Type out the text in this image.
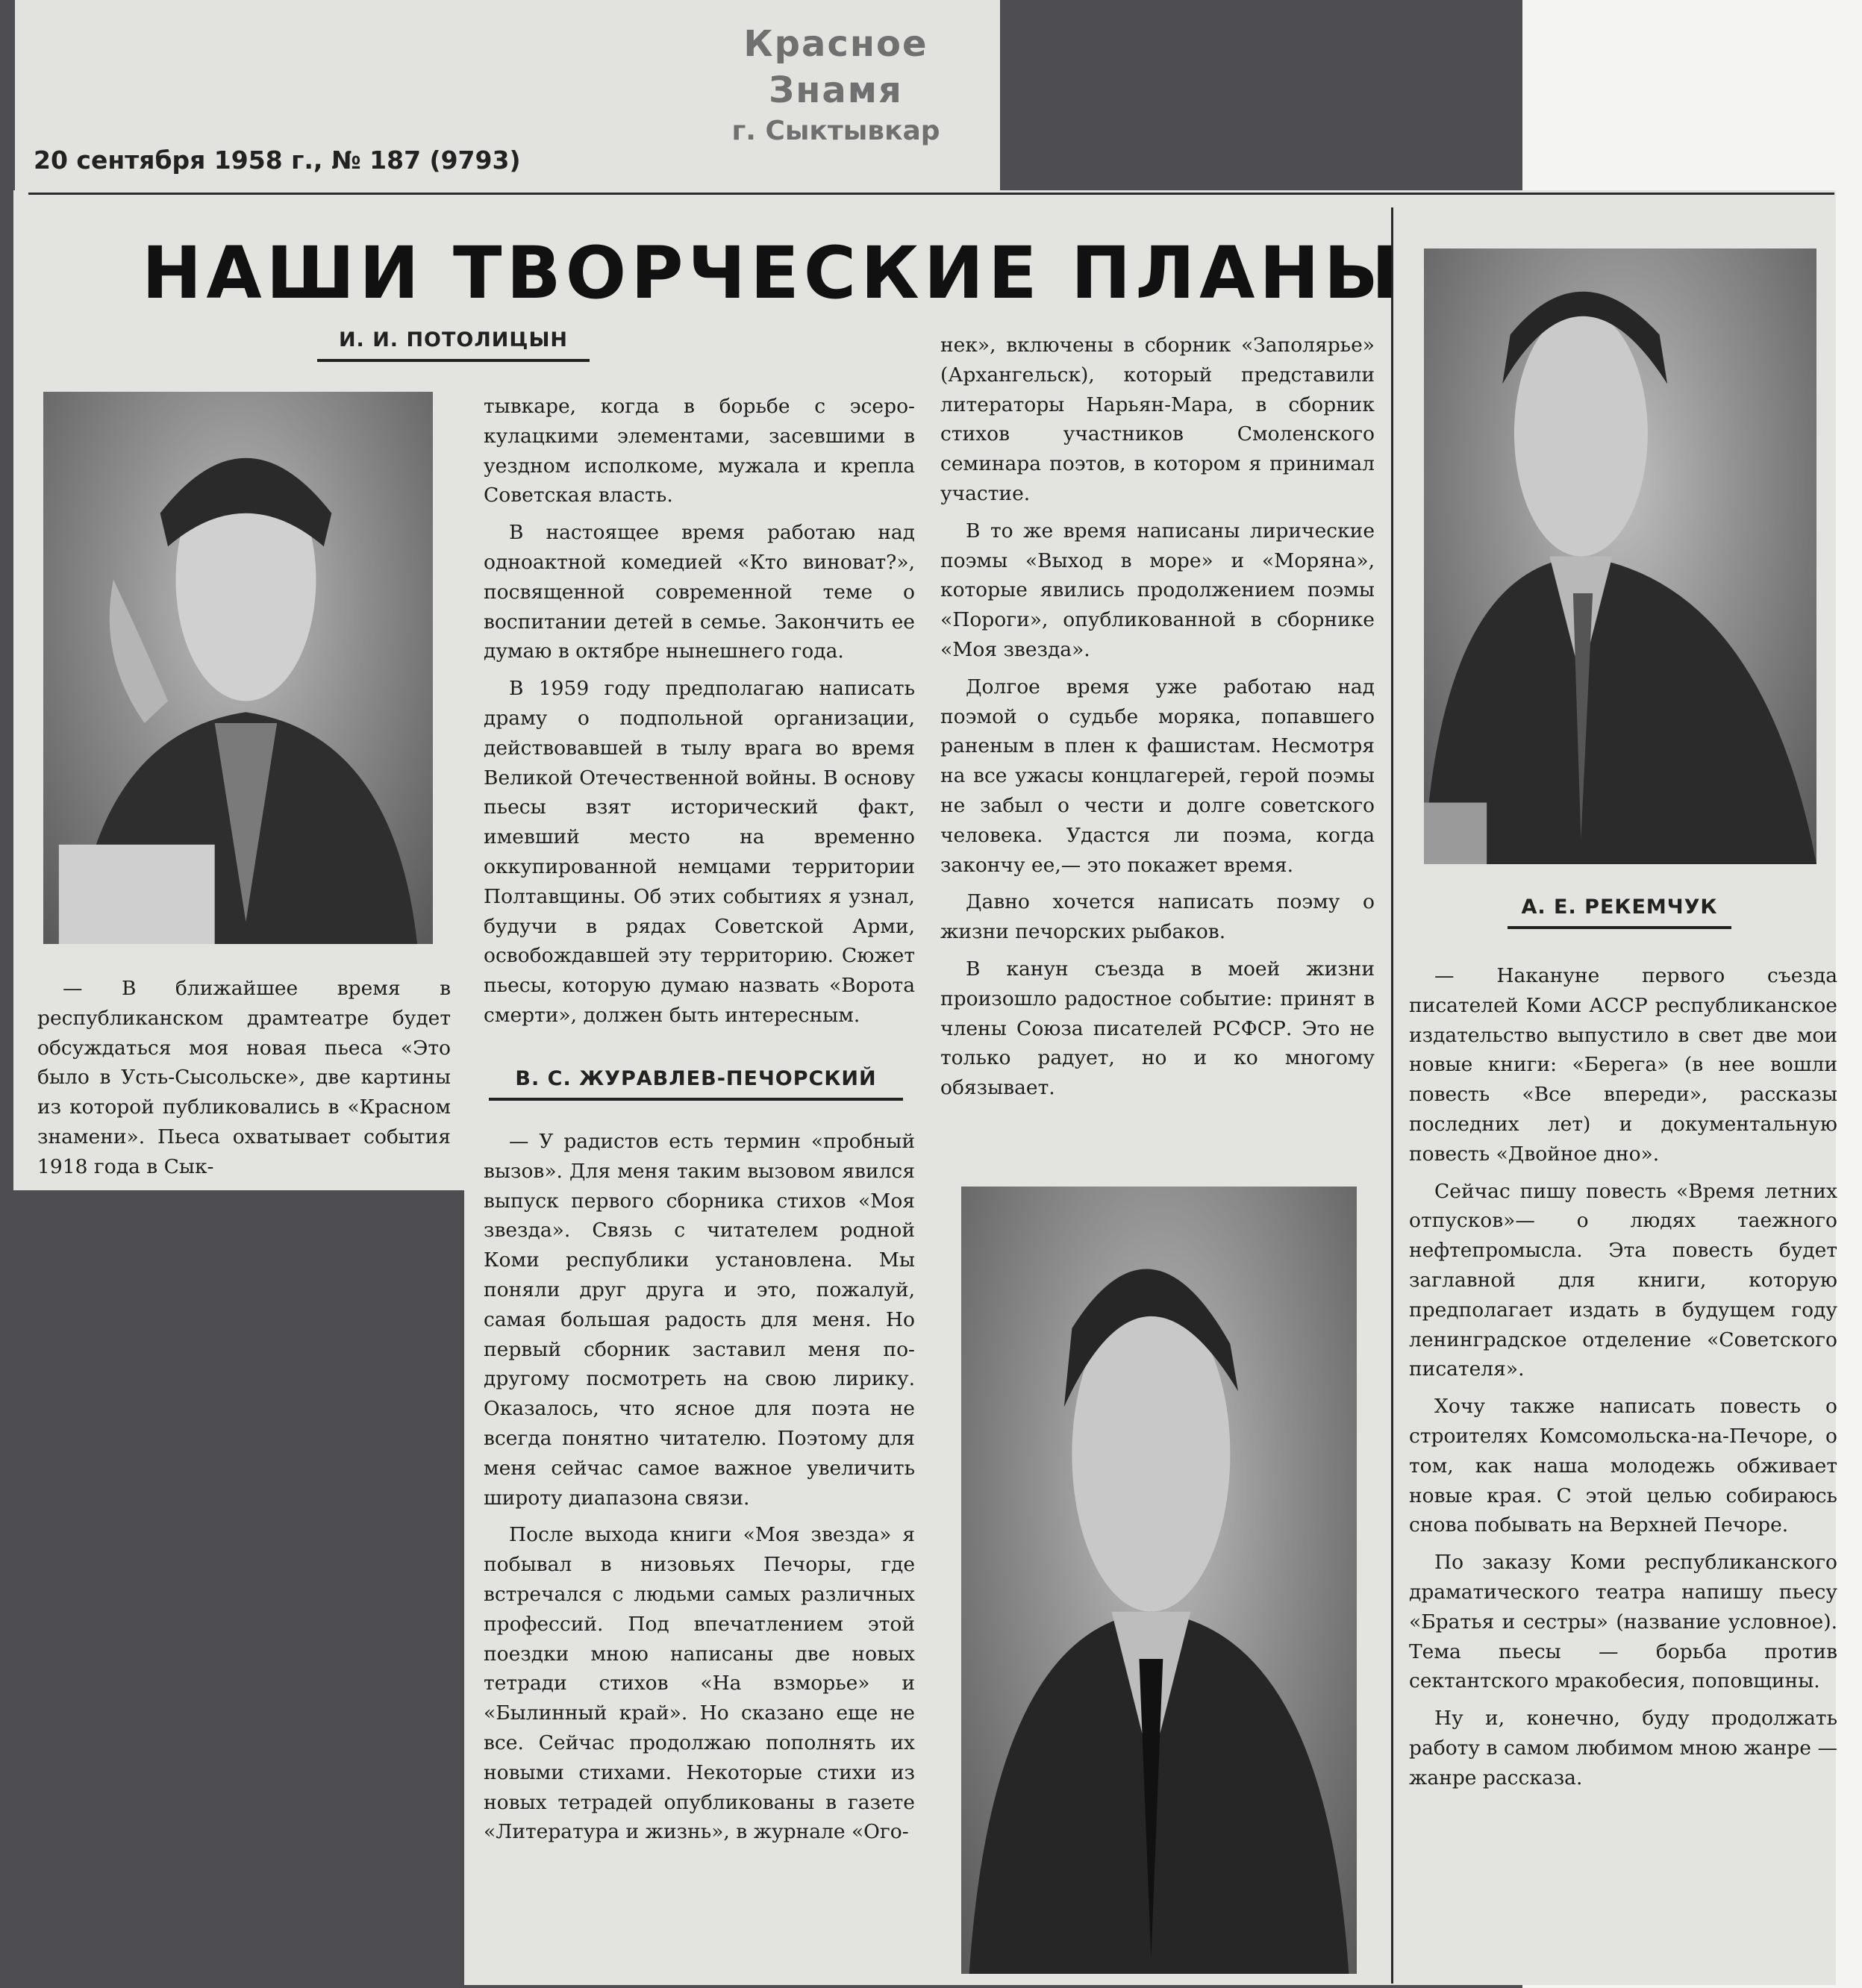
Красное Знамя
г. Сыктывкар
20 сентября 1958 г., № 187 (9793)
НАШИ ТВОРЧЕСКИЕ ПЛАНЫ
И. И. ПОТОЛИЦЫН

— В ближайшее время в республиканском драмтеатре будет обсуждаться моя новая пьеса «Это было в Усть-Сысольске», две картины из которой публиковались в «Красном знамени». Пьеса охватывает события 1918 года в Сык-

тывкаре, когда в борьбе с эсеро-кулацкими элементами, засевшими в уездном исполкоме, мужала и крепла Советская власть.

В настоящее время работаю над одноактной комедией «Кто виноват?», посвященной современной теме о воспитании детей в семье. Закончить ее думаю в октябре нынешнего года.

В 1959 году предполагаю написать драму о подпольной организации, действовавшей в тылу врага во время Великой Отечественной войны. В основу пьесы взят исторический факт, имевший место на временно оккупированной немцами территории Полтавщины. Об этих событиях я узнал, будучи в рядах Советской Арми, освобождавшей эту территорию. Сюжет пьесы, которую думаю назвать «Ворота смерти», должен быть интересным.

В. С. ЖУРАВЛЕВ-ПЕЧОРСКИЙ

— У радистов есть термин «пробный вызов». Для меня таким вызовом явился выпуск первого сборника стихов «Моя звезда». Связь с читателем родной Коми республики установлена. Мы поняли друг друга и это, пожалуй, самая большая радость для меня. Но первый сборник заставил меня по-другому посмотреть на свою лирику. Оказалось, что ясное для поэта не всегда понятно читателю. Поэтому для меня сейчас самое важное увеличить широту диапазона связи.

После выхода книги «Моя звезда» я побывал в низовьях Печоры, где встречался с людьми самых различных профессий. Под впечатлением этой поездки мною написаны две новых тетради стихов «На взморье» и «Былинный край». Но сказано еще не все. Сейчас продолжаю пополнять их новыми стихами. Некоторые стихи из новых тетрадей опубликованы в газете «Литература и жизнь», в журнале «Ого-

нек», включены в сборник «Заполярье» (Архангельск), который представили литераторы Нарьян-Мара, в сборник стихов участников Смоленского семинара поэтов, в котором я принимал участие.

В то же время написаны лирические поэмы «Выход в море» и «Моряна», которые явились продолжением поэмы «Пороги», опубликованной в сборнике «Моя звезда».

Долгое время уже работаю над поэмой о судьбе моряка, попавшего раненым в плен к фашистам. Несмотря на все ужасы концлагерей, герой поэмы не забыл о чести и долге советского человека. Удастся ли поэма, когда закончу ее,— это покажет время.

Давно хочется написать поэму о жизни печорских рыбаков.

В канун съезда в моей жизни произошло радостное событие: принят в члены Союза писателей РСФСР. Это не только радует, но и ко многому обязывает.

А. Е. РЕКЕМЧУК

— Накануне первого съезда писателей Коми АССР республиканское издательство выпустило в свет две мои новые книги: «Берега» (в нее вошли повесть «Все впереди», рассказы последних лет) и документальную повесть «Двойное дно».

Сейчас пишу повесть «Время летних отпусков»— о людях таежного нефтепромысла. Эта повесть будет заглавной для книги, которую предполагает издать в будущем году ленинградское отделение «Советского писателя».

Хочу также написать повесть о строителях Комсомольска-на-Печоре, о том, как наша молодежь обживает новые края. С этой целью собираюсь снова побывать на Верхней Печоре.

По заказу Коми республиканского драматического театра напишу пьесу «Братья и сестры» (название условное). Тема пьесы — борьба против сектантского мракобесия, поповщины.

Ну и, конечно, буду продолжать работу в самом любимом мною жанре — жанре рассказа.
